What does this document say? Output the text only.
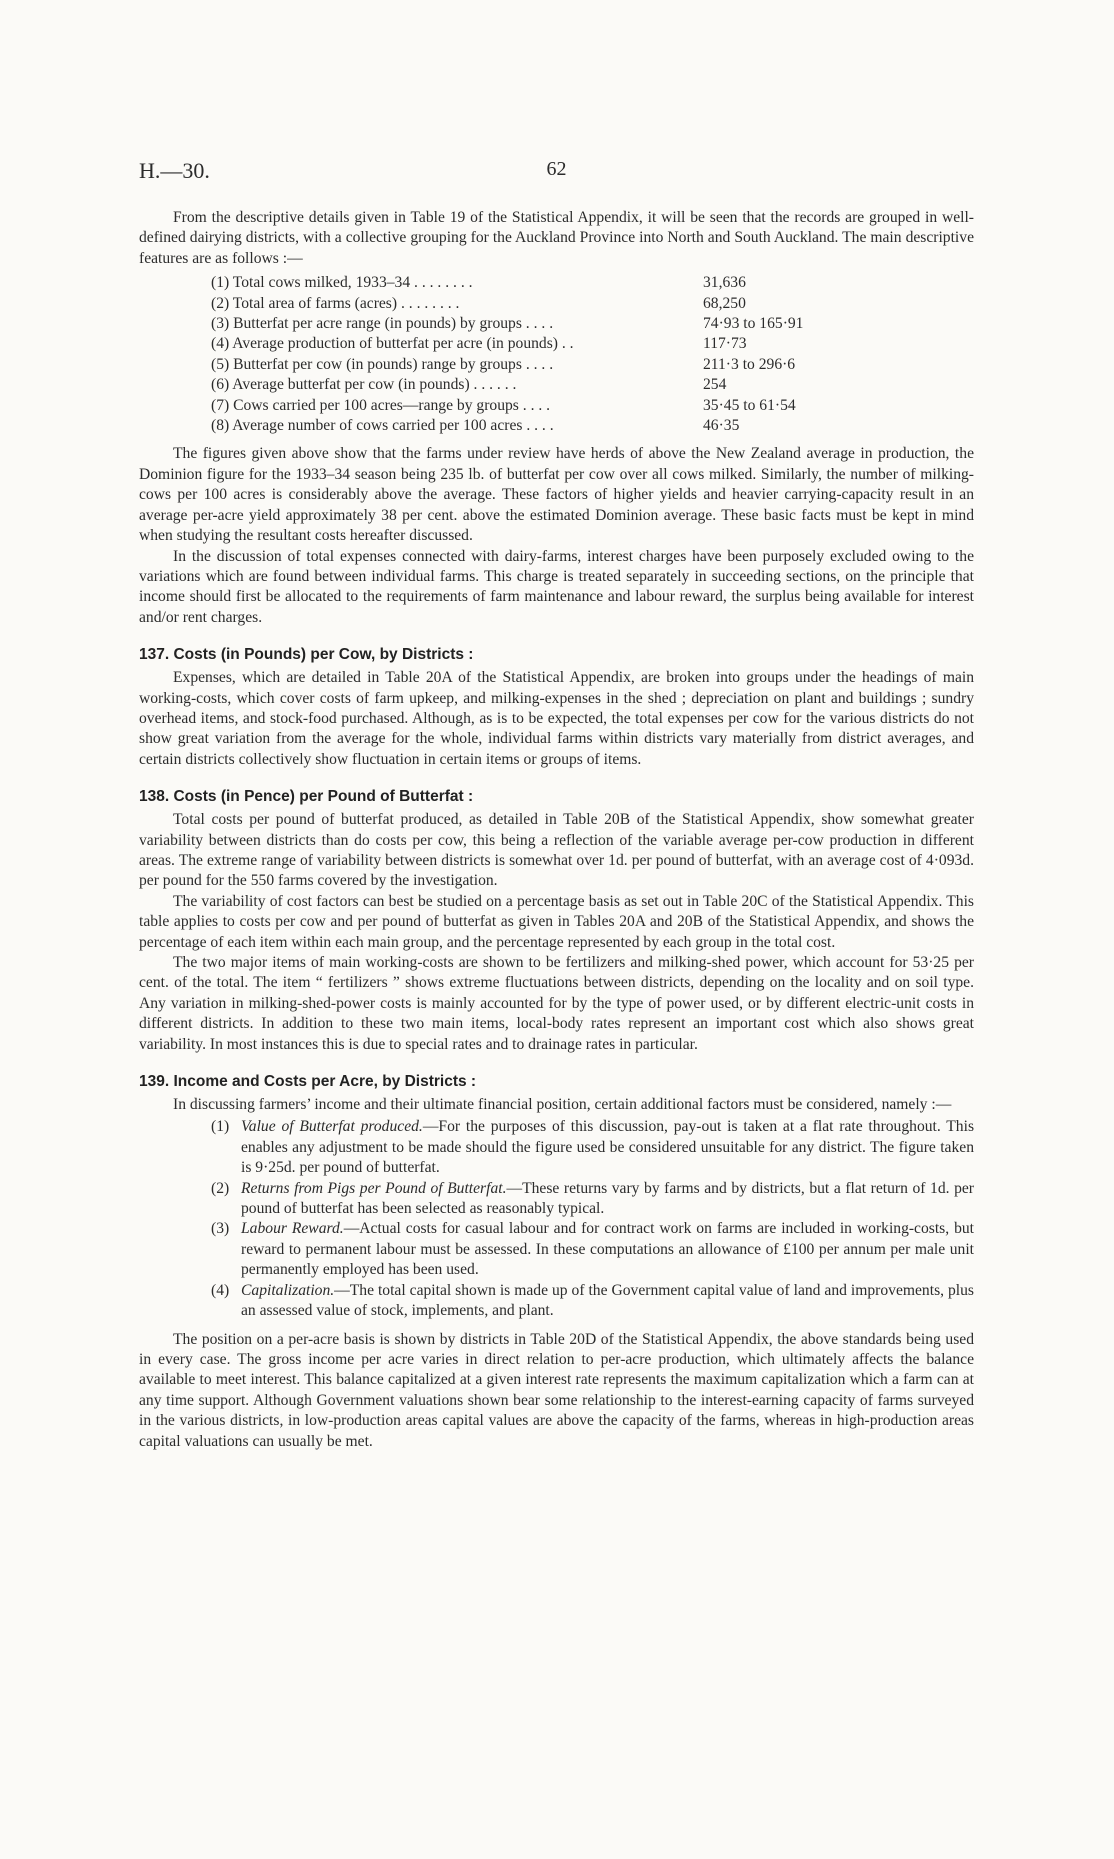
H.—30.	62

From the descriptive details given in Table 19 of the Statistical Appendix, it will be seen that the records are grouped in well-defined dairying districts, with a collective grouping for the Auckland Province into North and South Auckland. The main descriptive features are as follows :—

(1) Total cows milked, 1933–34 . . . . . . . .	31,636
(2) Total area of farms (acres) . . . . . . . .	68,250
(3) Butterfat per acre range (in pounds) by groups . . . .	74·93 to 165·91
(4) Average production of butterfat per acre (in pounds) . .	117·73
(5) Butterfat per cow (in pounds) range by groups . . . .	211·3 to 296·6
(6) Average butterfat per cow (in pounds) . . . . . .	254
(7) Cows carried per 100 acres—range by groups . . . .	35·45 to 61·54
(8) Average number of cows carried per 100 acres . . . .	46·35

The figures given above show that the farms under review have herds of above the New Zealand average in production, the Dominion figure for the 1933–34 season being 235 lb. of butterfat per cow over all cows milked. Similarly, the number of milking-cows per 100 acres is considerably above the average. These factors of higher yields and heavier carrying-capacity result in an average per-acre yield approximately 38 per cent. above the estimated Dominion average. These basic facts must be kept in mind when studying the resultant costs hereafter discussed.

In the discussion of total expenses connected with dairy-farms, interest charges have been purposely excluded owing to the variations which are found between individual farms. This charge is treated separately in succeeding sections, on the principle that income should first be allocated to the requirements of farm maintenance and labour reward, the surplus being available for interest and/or rent charges.

137. Costs (in Pounds) per Cow, by Districts :

Expenses, which are detailed in Table 20A of the Statistical Appendix, are broken into groups under the headings of main working-costs, which cover costs of farm upkeep, and milking-expenses in the shed ; depreciation on plant and buildings ; sundry overhead items, and stock-food purchased. Although, as is to be expected, the total expenses per cow for the various districts do not show great variation from the average for the whole, individual farms within districts vary materially from district averages, and certain districts collectively show fluctuation in certain items or groups of items.

138. Costs (in Pence) per Pound of Butterfat :

Total costs per pound of butterfat produced, as detailed in Table 20B of the Statistical Appendix, show somewhat greater variability between districts than do costs per cow, this being a reflection of the variable average per-cow production in different areas. The extreme range of variability between districts is somewhat over 1d. per pound of butterfat, with an average cost of 4·093d. per pound for the 550 farms covered by the investigation.

The variability of cost factors can best be studied on a percentage basis as set out in Table 20C of the Statistical Appendix. This table applies to costs per cow and per pound of butterfat as given in Tables 20A and 20B of the Statistical Appendix, and shows the percentage of each item within each main group, and the percentage represented by each group in the total cost.

The two major items of main working-costs are shown to be fertilizers and milking-shed power, which account for 53·25 per cent. of the total. The item “ fertilizers ” shows extreme fluctuations between districts, depending on the locality and on soil type. Any variation in milking-shed-power costs is mainly accounted for by the type of power used, or by different electric-unit costs in different districts. In addition to these two main items, local-body rates represent an important cost which also shows great variability. In most instances this is due to special rates and to drainage rates in particular.

139. Income and Costs per Acre, by Districts :

In discussing farmers’ income and their ultimate financial position, certain additional factors must be considered, namely :—

(1) Value of Butterfat produced.—For the purposes of this discussion, pay-out is taken at a flat rate throughout. This enables any adjustment to be made should the figure used be considered unsuitable for any district. The figure taken is 9·25d. per pound of butterfat.
(2) Returns from Pigs per Pound of Butterfat.—These returns vary by farms and by districts, but a flat return of 1d. per pound of butterfat has been selected as reasonably typical.
(3) Labour Reward.—Actual costs for casual labour and for contract work on farms are included in working-costs, but reward to permanent labour must be assessed. In these computations an allowance of £100 per annum per male unit permanently employed has been used.
(4) Capitalization.—The total capital shown is made up of the Government capital value of land and improvements, plus an assessed value of stock, implements, and plant.

The position on a per-acre basis is shown by districts in Table 20D of the Statistical Appendix, the above standards being used in every case. The gross income per acre varies in direct relation to per-acre production, which ultimately affects the balance available to meet interest. This balance capitalized at a given interest rate represents the maximum capitalization which a farm can at any time support. Although Government valuations shown bear some relationship to the interest-earning capacity of farms surveyed in the various districts, in low-production areas capital values are above the capacity of the farms, whereas in high-production areas capital valuations can usually be met.
